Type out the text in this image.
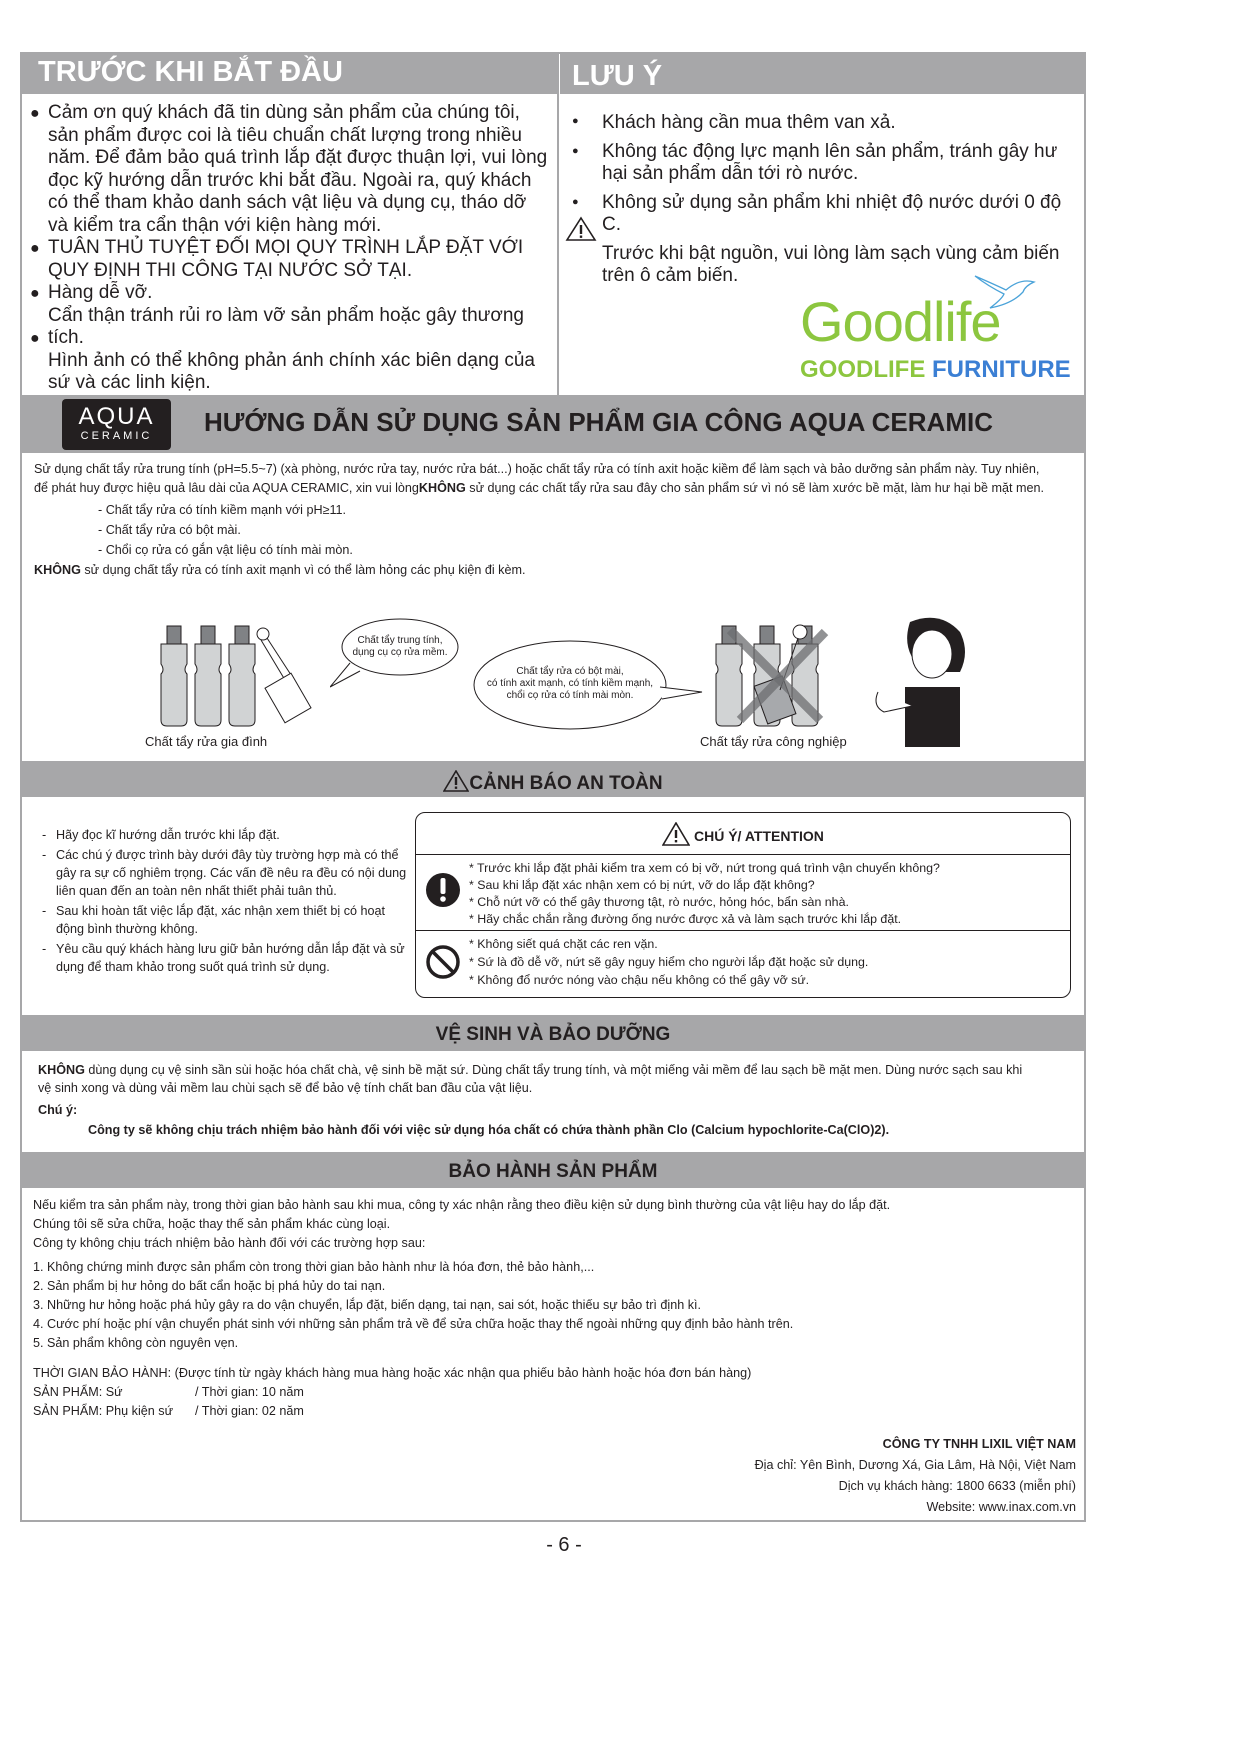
TRƯỚC KHI BẮT ĐẦU	LƯU Ý
Cảm ơn quý khách đã tin dùng sản phẩm của chúng tôi, sản phẩm được coi là tiêu chuẩn chất lượng trong nhiều năm. Để đảm bảo quá trình lắp đặt được thuận lợi, vui lòng đọc kỹ hướng dẫn trước khi bắt đầu. Ngoài ra, quý khách có thể tham khảo danh sách vật liệu và dụng cụ, tháo dỡ và kiểm tra cẩn thận với kiện hàng mới.
TUÂN THỦ TUYỆT ĐỐI MỌI QUY TRÌNH LẮP ĐẶT VỚI QUY ĐỊNH THI CÔNG TẠI NƯỚC SỞ TẠI.
Hàng dễ vỡ.
Cẩn thận tránh rủi ro làm vỡ sản phẩm hoặc gây thương tích.
Hình ảnh có thể không phản ánh chính xác biên dạng của sứ và các linh kiện.
●
●
●
●
Khách hàng cần mua thêm van xả.
Không tác động lực mạnh lên sản phẩm, tránh gây hư hại sản phẩm dẫn tới rò nước.
Không sử dụng sản phẩm khi nhiệt độ nước dưới 0 độ C.
Trước khi bật nguồn, vui lòng làm sạch vùng cảm biến trên ô cảm biến.
●
●
●
Goodlife
GOODLIFE FURNITURE
AQUA
CERAMIC	HƯỚNG DẪN SỬ DỤNG SẢN PHẨM GIA CÔNG AQUA CERAMIC
Sử dụng chất tẩy rửa trung tính (pH=5.5~7) (xà phòng, nước rửa tay, nước rửa bát...) hoặc chất tẩy rửa có tính axit hoặc kiềm để làm sạch và bảo dưỡng sản phẩm này. Tuy nhiên,
để phát huy được hiệu quả lâu dài của AQUA CERAMIC, xin vui lòngKHÔNG sử dụng các chất tẩy rửa sau đây cho sản phẩm sứ vì nó sẽ làm xước bề mặt, làm hư hại bề mặt men.
- Chất tẩy rửa có tính kiềm mạnh với pH≥11.
- Chất tẩy rửa có bột mài.
- Chổi cọ rửa có gắn vật liệu có tính mài mòn.
KHÔNG sử dụng chất tẩy rửa có tính axit mạnh vì có thể làm hỏng các phụ kiện đi kèm.
Chất tẩy trung tính,
dụng cụ cọ rửa mềm.
Chất tẩy rửa có bột mài,
có tính axit mạnh, có tính kiềm mạnh,
chổi cọ rửa có tính mài mòn.
Chất tẩy rửa gia đình	Chất tẩy rửa công nghiệp
CẢNH BÁO AN TOÀN
- Hãy đọc kĩ hướng dẫn trước khi lắp đặt.
- Các chú ý được trình bày dưới đây tùy trường hợp mà có thể gây ra sự cố nghiêm trọng. Các vấn đề nêu ra đều có nội dung liên quan đến an toàn nên nhất thiết phải tuân thủ.
- Sau khi hoàn tất việc lắp đặt, xác nhận xem thiết bị có hoạt động bình thường không.
- Yêu cầu quý khách hàng lưu giữ bản hướng dẫn lắp đặt và sử dụng để tham khảo trong suốt quá trình sử dụng.
CHÚ Ý/ ATTENTION
* Trước khi lắp đặt phải kiểm tra xem có bị vỡ, nứt trong quá trình vận chuyển không?
* Sau khi lắp đặt xác nhận xem có bị nứt, vỡ do lắp đặt không?
* Chỗ nứt vỡ có thể gây thương tật, rò nước, hỏng hóc, bẩn sàn nhà.
* Hãy chắc chắn rằng đường ống nước được xả và làm sạch trước khi lắp đặt.
* Không siết quá chặt các ren vặn.
* Sứ là đồ dễ vỡ, nứt sẽ gây nguy hiểm cho người lắp đặt hoặc sử dụng.
* Không đổ nước nóng vào chậu nếu không có thể gây vỡ sứ.
VỆ SINH VÀ BẢO DƯỠNG
KHÔNG dùng dụng cụ vệ sinh sần sùi hoặc hóa chất chà, vệ sinh bề mặt sứ. Dùng chất tẩy trung tính, và một miếng vải mềm để lau sạch bề mặt men. Dùng nước sạch sau khi
vệ sinh xong và dùng vải mềm lau chùi sạch sẽ để bảo vệ tính chất ban đầu của vật liệu.
Chú ý:
Công ty sẽ không chịu trách nhiệm bảo hành đối với việc sử dụng hóa chất có chứa thành phần Clo (Calcium hypochlorite-Ca(ClO)2).
BẢO HÀNH SẢN PHẨM
Nếu kiểm tra sản phẩm này, trong thời gian bảo hành sau khi mua, công ty xác nhận rằng theo điều kiện sử dụng bình thường của vật liệu hay do lắp đặt.
Chúng tôi sẽ sửa chữa, hoặc thay thế sản phẩm khác cùng loại.
Công ty không chịu trách nhiệm bảo hành đối với các trường hợp sau:
1. Không chứng minh được sản phẩm còn trong thời gian bảo hành như là hóa đơn, thẻ bảo hành,...
2. Sản phẩm bị hư hỏng do bất cẩn hoặc bị phá hủy do tai nạn.
3. Những hư hỏng hoặc phá hủy gây ra do vận chuyển, lắp đặt, biến dạng, tai nạn, sai sót, hoặc thiếu sự bảo trì định kì.
4. Cước phí hoặc phí vận chuyển phát sinh với những sản phẩm trả về để sửa chữa hoặc thay thế ngoài những quy định bảo hành trên.
5. Sản phẩm không còn nguyên vẹn.
THỜI GIAN BẢO HÀNH: (Được tính từ ngày khách hàng mua hàng hoặc xác nhận qua phiếu bảo hành hoặc hóa đơn bán hàng)
SẢN PHẨM: Sứ	/ Thời gian: 10 năm
SẢN PHẨM: Phụ kiện sứ / Thời gian: 02 năm
CÔNG TY TNHH LIXIL VIỆT NAM
Địa chỉ: Yên Bình, Dương Xá, Gia Lâm, Hà Nội, Việt Nam
Dịch vụ khách hàng: 1800 6633 (miễn phí)
Website: www.inax.com.vn
- 6 -
